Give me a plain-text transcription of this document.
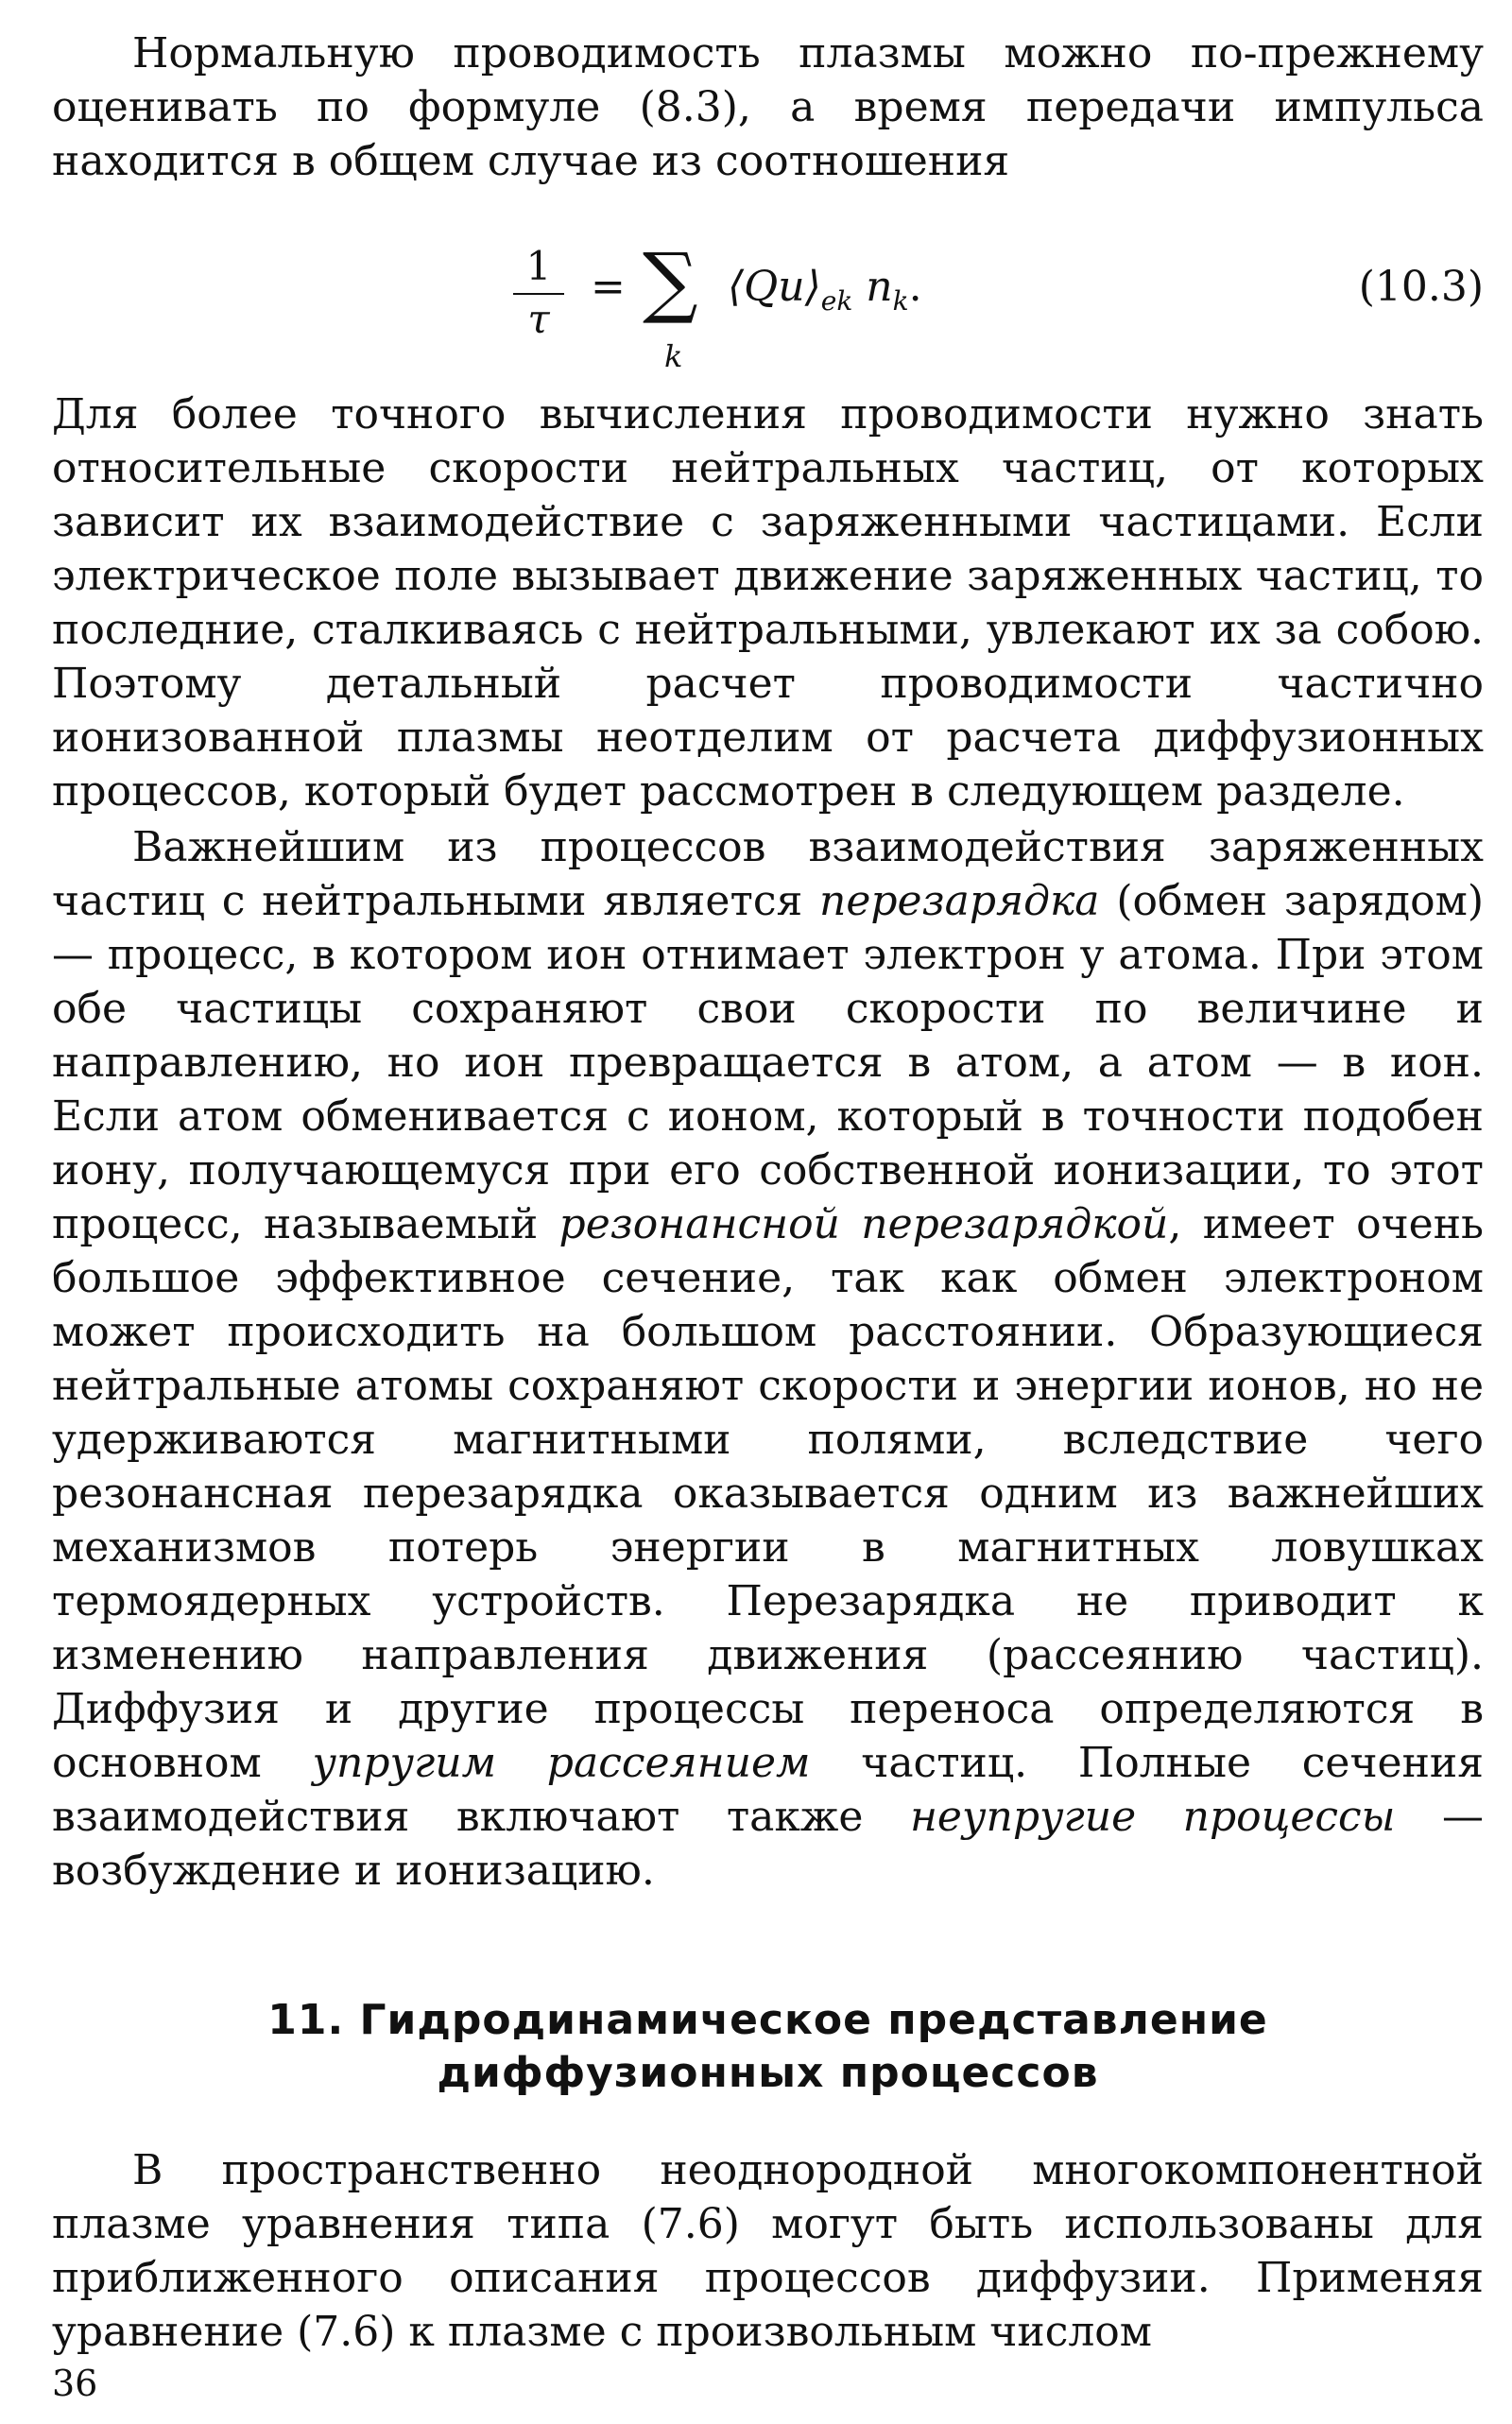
Нормальную проводимость плазмы можно по-прежнему оценивать по формуле (8.3), а время передачи импульса находится в общем случае из соотношения

1
τ
= ∑
k
$⟨Qu⟩_{ek}$ $n_k$.	(10.3)

Для более точного вычисления проводимости нужно знать относительные скорости нейтральных частиц, от которых зависит их взаимодействие с заряженными частицами. Если электрическое поле вызывает движение заряженных частиц, то последние, сталкиваясь с нейтральными, увлекают их за собою. Поэтому детальный расчет проводимости частично ионизованной плазмы неотделим от расчета диффузионных процессов, который будет рассмотрен в следующем разделе.

Важнейшим из процессов взаимодействия заряженных частиц с нейтральными является перезарядка (обмен зарядом) — процесс, в котором ион отнимает электрон у атома. При этом обе частицы сохраняют свои скорости по величине и направлению, но ион превращается в атом, а атом — в ион. Если атом обменивается с ионом, который в точности подобен иону, получающемуся при его собственной ионизации, то этот процесс, называемый резонансной перезарядкой, имеет очень большое эффективное сечение, так как обмен электроном может происходить на большом расстоянии. Образующиеся нейтральные атомы сохраняют скорости и энергии ионов, но не удерживаются магнитными полями, вследствие чего резонансная перезарядка оказывается одним из важнейших механизмов потерь энергии в магнитных ловушках термоядерных устройств. Перезарядка не приводит к изменению направления движения (рассеянию частиц). Диффузия и другие процессы переноса определяются в основном упругим рассеянием частиц. Полные сечения взаимодействия включают также неупругие процессы — возбуждение и ионизацию.

11. Гидродинамическое представление
диффузионных процессов

В пространственно неоднородной многокомпонентной плазме уравнения типа (7.6) могут быть использованы для приближенного описания процессов диффузии. Применяя уравнение (7.6) к плазме с произвольным числом

36
